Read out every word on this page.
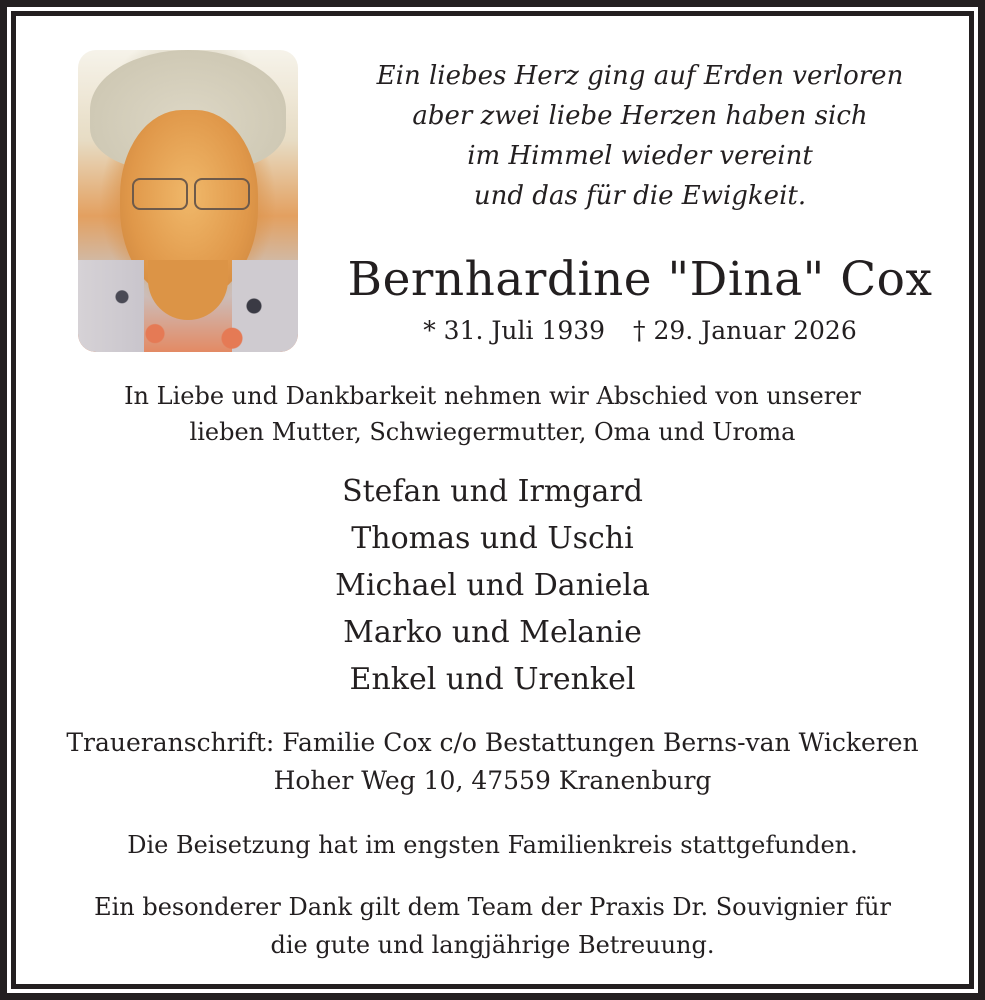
Ein liebes Herz ging auf Erden verloren
aber zwei liebe Herzen haben sich
im Himmel wieder vereint
und das für die Ewigkeit.
Bernhardine "Dina" Cox
* 31. Juli 1939 † 29. Januar 2026
In Liebe und Dankbarkeit nehmen wir Abschied von unserer
lieben Mutter, Schwiegermutter, Oma und Uroma
Stefan und Irmgard
Thomas und Uschi
Michael und Daniela
Marko und Melanie
Enkel und Urenkel
Traueranschrift: Familie Cox c/o Bestattungen Berns-van Wickeren
Hoher Weg 10, 47559 Kranenburg
Die Beisetzung hat im engsten Familienkreis stattgefunden.
Ein besonderer Dank gilt dem Team der Praxis Dr. Souvignier für
die gute und langjährige Betreuung.
